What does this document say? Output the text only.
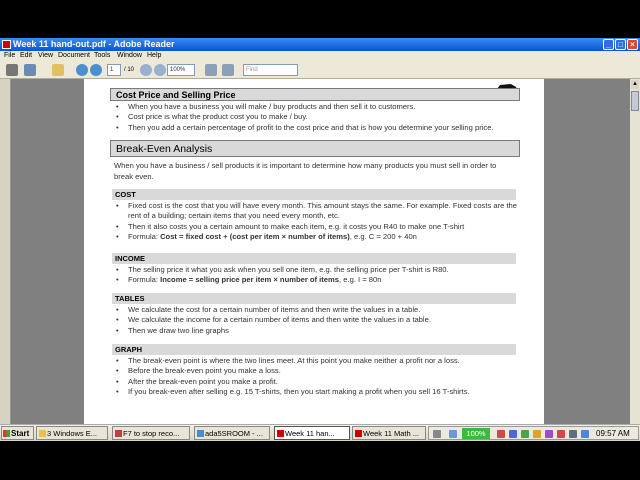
Week 11 hand-out.pdf - Adobe Reader	_ □ ×
File Edit View Document Tools Window Help
1	/ 10	100%	Find
Cost Price and Selling Price
• When you have a business you will make / buy products and then sell it to customers.
• Cost price is what the product cost you to make / buy.
• Then you add a certain percentage of profit to the cost price and that is how you determine your selling price.
Break-Even Analysis
When you have a business / sell products it is important to determine how many products you must sell in order to break even.
COST
• Fixed cost is the cost that you will have every month. This amount stays the same. For example. Fixed costs are the rent of a building; certain items that you need every month, etc.
• Then it also costs you a certain amount to make each item, e.g. it costs you R40 to make one T-shirt
• Formula: Cost = fixed cost + (cost per item × number of items), e.g. C = 200 + 40n
INCOME
• The selling price it what you ask when you sell one item, e.g. the selling price per T-shirt is R80.
• Formula: Income = selling price per item × number of items, e.g. I = 80n
TABLES
• We calculate the cost for a certain number of items and then write the values in a table.
• We calculate the income for a certain number of items and then write the values in a table.
• Then we draw two line graphs
GRAPH
• The break-even point is where the two lines meet. At this point you make neither a profit nor a loss.
• Before the break-even point you make a loss.
• After the break-even point you make a profit.
• If you break-even after selling e.g. 15 T-shirts, then you start making a profit when you sell 16 T-shirts.
▲
Start	3 Windows E...	F7 to stop reco...	ada5SROOM - ...	Week 11 han...	Week 11 Math ...	100%	09:57 AM
